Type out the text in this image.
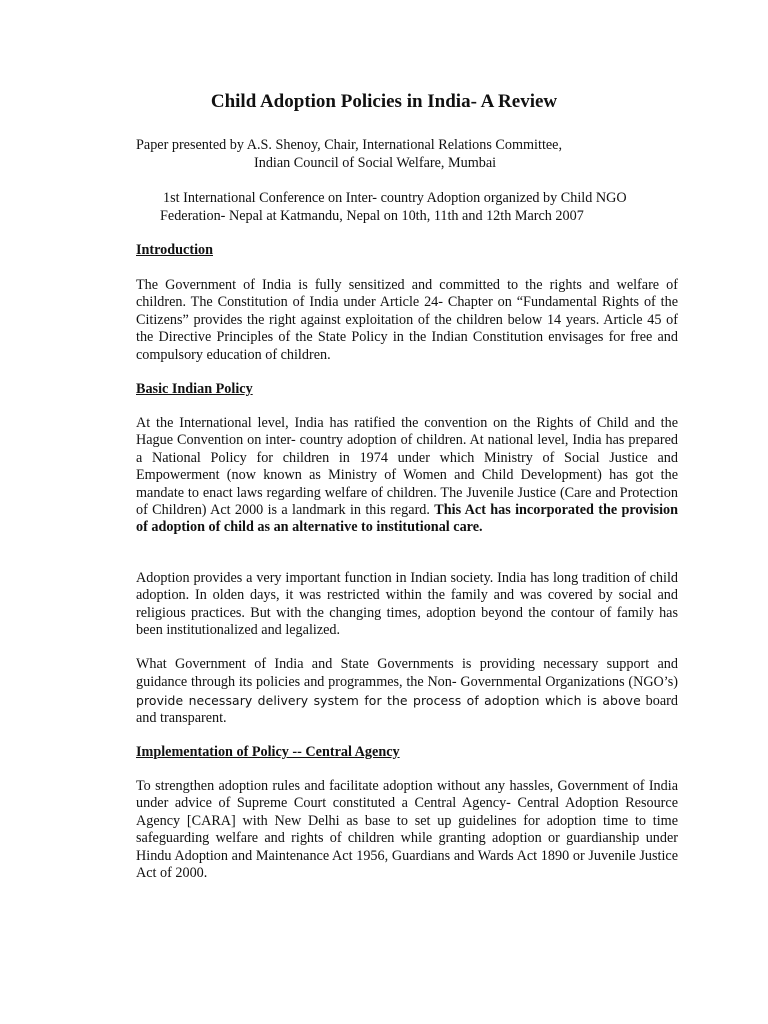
Child Adoption Policies in India- A Review

Paper presented by A.S. Shenoy, Chair, International Relations Committee,
Indian Council of Social Welfare, Mumbai

1st International Conference on Inter- country Adoption organized by Child NGO
Federation- Nepal at Katmandu, Nepal on 10th, 11th and 12th March 2007

Introduction

The Government of India is fully sensitized and committed to the rights and welfare of children. The Constitution of India under Article 24- Chapter on “Fundamental Rights of the Citizens” provides the right against exploitation of the children below 14 years. Article 45 of the Directive Principles of the State Policy in the Indian Constitution envisages for free and compulsory education of children.

Basic Indian Policy

At the International level, India has ratified the convention on the Rights of Child and the Hague Convention on inter- country adoption of children. At national level, India has prepared a National Policy for children in 1974 under which Ministry of Social Justice and Empowerment (now known as Ministry of Women and Child Development) has got the mandate to enact laws regarding welfare of children. The Juvenile Justice (Care and Protection of Children) Act 2000 is a landmark in this regard. This Act has incorporated the provision of adoption of child as an alternative to institutional care.

Adoption provides a very important function in Indian society. India has long tradition of child adoption. In olden days, it was restricted within the family and was covered by social and religious practices. But with the changing times, adoption beyond the contour of family has been institutionalized and legalized.

What Government of India and State Governments is providing necessary support and guidance through its policies and programmes, the Non- Governmental Organizations (NGO’s) provide necessary delivery system for the process of adoption which is above board and transparent.

Implementation of Policy -- Central Agency

To strengthen adoption rules and facilitate adoption without any hassles, Government of India under advice of Supreme Court constituted a Central Agency- Central Adoption Resource Agency [CARA] with New Delhi as base to set up guidelines for adoption time to time safeguarding welfare and rights of children while granting adoption or guardianship under Hindu Adoption and Maintenance Act 1956, Guardians and Wards Act 1890 or Juvenile Justice Act of 2000.
